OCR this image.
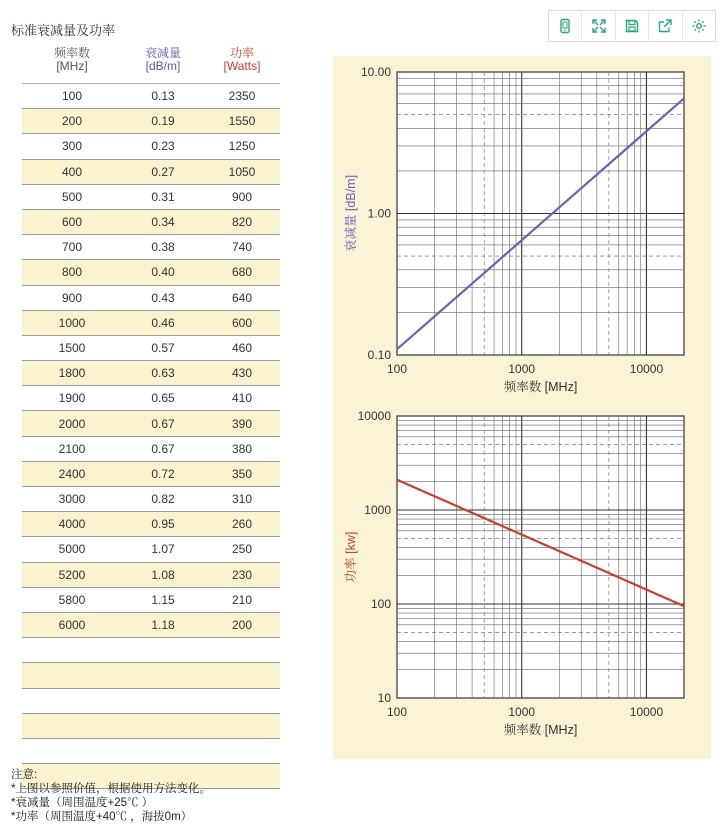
标准衰减量及功率
频率数
[MHz]
衰减量
[dB/m]
功率
[Watts]
100	0.13	2350
200	0.19	1550
300	0.23	1250
400	0.27	1050
500	0.31	900
600	0.34	820
700	0.38	740
800	0.40	680
900	0.43	640
1000	0.46	600
1500	0.57	460
1800	0.63	430
1900	0.65	410
2000	0.67	390
2100	0.67	380
2400	0.72	350
3000	0.82	310
4000	0.95	260
5000	1.07	250
5200	1.08	230
5800	1.15	210
6000	1.18	200
100	1000	10000
0.10
1.00
10.00
频率数 [MHz]
衰减量 [dB/m]
100	1000	10000
10
100
1000
10000
频率数 [MHz]
功率 [kw]
注意:
*上图以参照价值，根据使用方法变化。
*衰减量（周围温度+25℃ ）
*功率（周围温度+40℃ ，海拔0m）
